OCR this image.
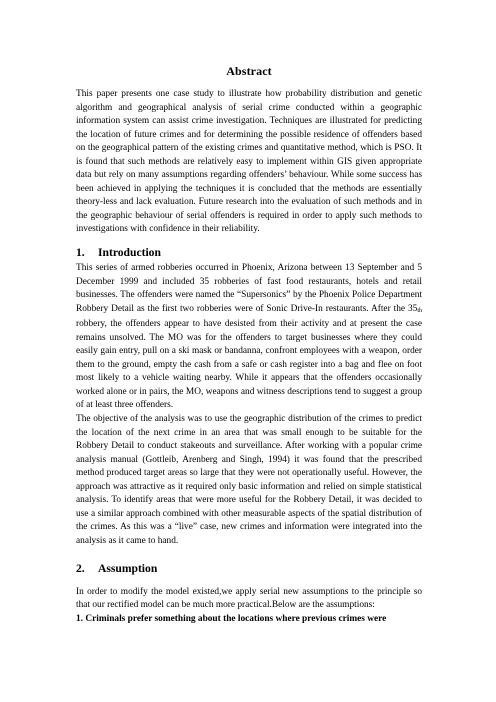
Abstract

This paper presents one case study to illustrate how probability distribution and genetic algorithm and geographical analysis of serial crime conducted within a geographic information system can assist crime investigation. Techniques are illustrated for predicting the location of future crimes and for determining the possible residence of offenders based on the geographical pattern of the existing crimes and quantitative method, which is PSO. It is found that such methods are relatively easy to implement within GIS given appropriate data but rely on many assumptions regarding offenders’ behaviour. While some success has been achieved in applying the techniques it is concluded that the methods are essentially theory-less and lack evaluation. Future research into the evaluation of such methods and in the geographic behaviour of serial offenders is required in order to apply such methods to investigations with confidence in their reliability.

1.	Introduction

This series of armed robberies occurred in Phoenix, Arizona between 13 September and 5 December 1999 and included 35 robberies of fast food restaurants, hotels and retail businesses. The offenders were named the “Supersonics” by the Phoenix Police Department Robbery Detail as the first two robberies were of Sonic Drive-In restaurants. After the 35th robbery, the offenders appear to have desisted from their activity and at present the case remains unsolved. The MO was for the offenders to target businesses where they could easily gain entry, pull on a ski mask or bandanna, confront employees with a weapon, order them to the ground, empty the cash from a safe or cash register into a bag and flee on foot most likely to a vehicle waiting nearby. While it appears that the offenders occasionally worked alone or in pairs, the MO, weapons and witness descriptions tend to suggest a group of at least three offenders.

The objective of the analysis was to use the geographic distribution of the crimes to predict the location of the next crime in an area that was small enough to be suitable for the Robbery Detail to conduct stakeouts and surveillance. After working with a popular crime analysis manual (Gottleib, Arenberg and Singh, 1994) it was found that the prescribed method produced target areas so large that they were not operationally useful. However, the approach was attractive as it required only basic information and relied on simple statistical analysis. To identify areas that were more useful for the Robbery Detail, it was decided to use a similar approach combined with other measurable aspects of the spatial distribution of the crimes. As this was a “live” case, new crimes and information were integrated into the analysis as it came to hand.

2.	Assumption

In order to modify the model existed,we apply serial new assumptions to the principle so that our rectified model can be much more practical.Below are the assumptions:

1. Criminals prefer something about the locations where previous crimes were
